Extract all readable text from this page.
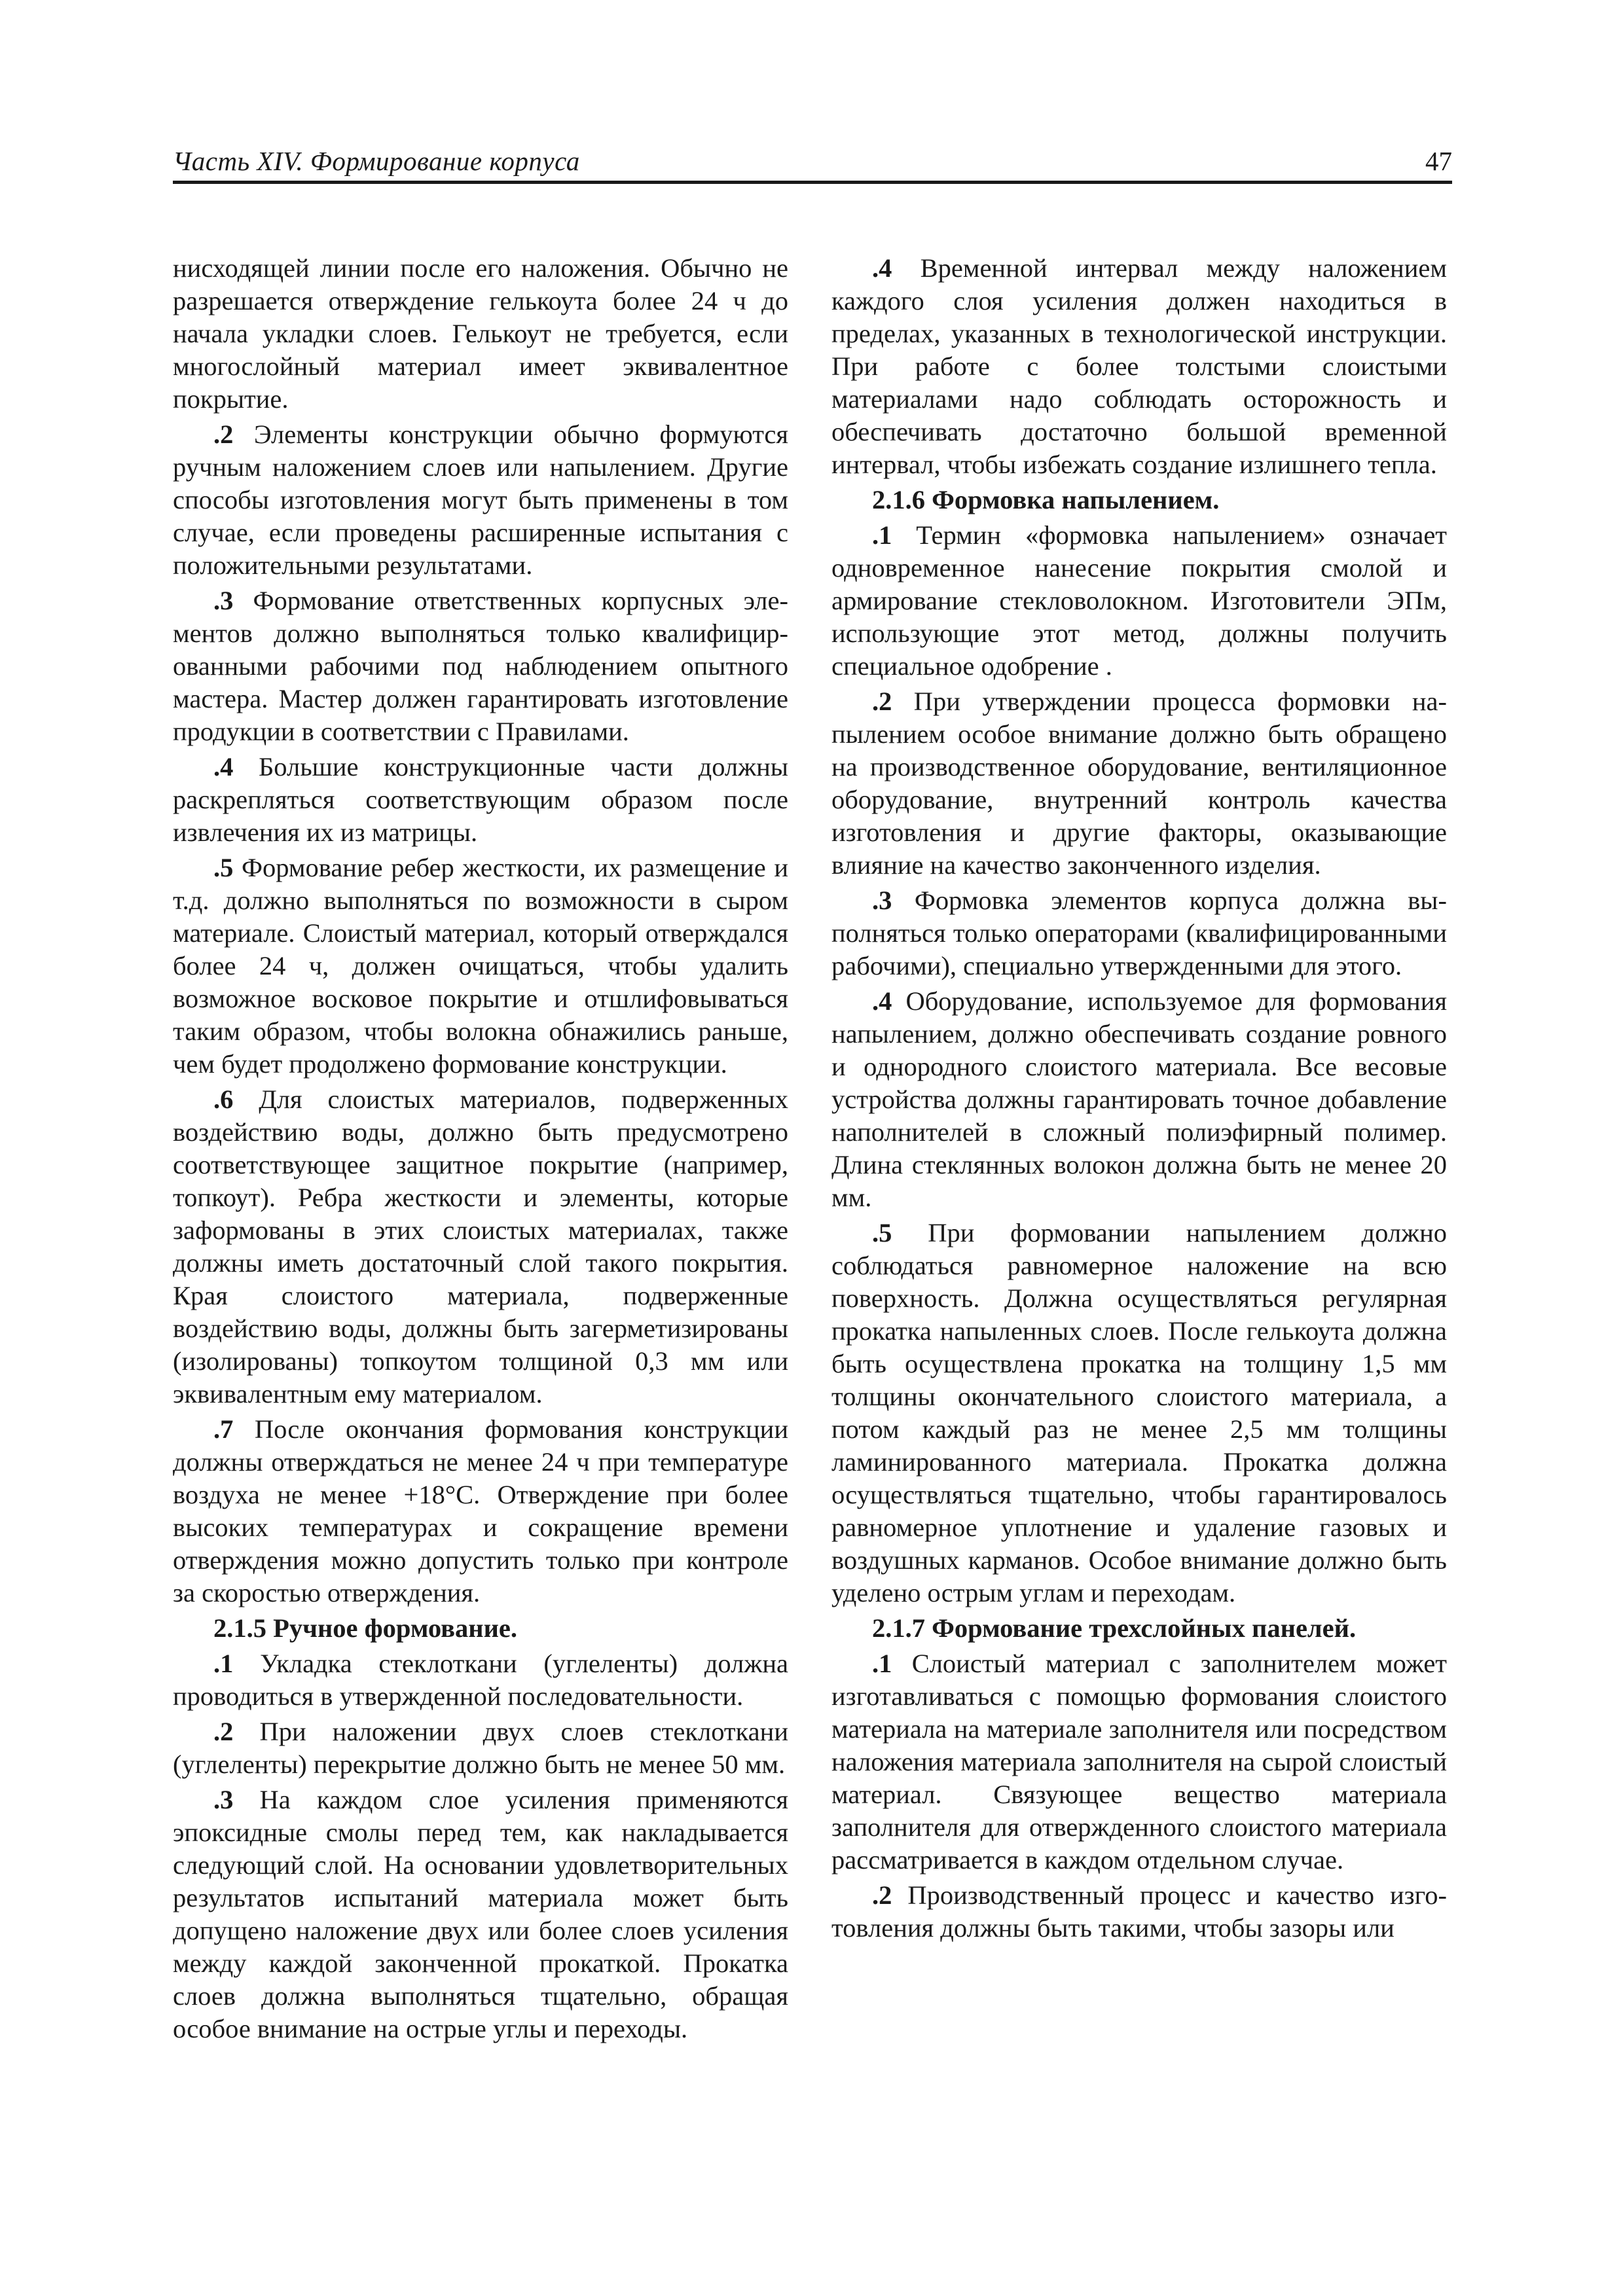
Часть XIV. Формирование корпуса	47

нисходящей линии после его наложения. Обычно не разрешается отверждение гелькоута более 24 ч до начала укладки слоев. Гелькоут не требуется, если многослойный материал имеет эквивалентное покрытие.

.2 Элементы конструкции обычно формуются ручным наложением слоев или напылением. Другие способы изготовления могут быть применены в том случае, если проведены расширенные испытания с положительными результатами.

.3 Формование ответственных корпусных элементов должно выполняться только квалифицированными рабочими под наблюдением опытного мастера. Мастер должен гарантировать изготовление продукции в соответствии с Правилами.

.4 Большие конструкционные части должны раскрепляться соответствующим образом после извлечения их из матрицы.

.5 Формование ребер жесткости, их размещение и т.д. должно выполняться по возможности в сыром материале. Слоистый материал, который отверждался более 24 ч, должен очищаться, чтобы удалить возможное восковое покрытие и отшлифовываться таким образом, чтобы волокна обнажились раньше, чем будет продолжено формование конструкции.

.6 Для слоистых материалов, подверженных воздействию воды, должно быть предусмотрено соответствующее защитное покрытие (например, топкоут). Ребра жесткости и элементы, которые заформованы в этих слоистых материалах, также должны иметь достаточный слой такого покрытия. Края слоистого материала, подверженные воздействию воды, должны быть загерметизированы (изолированы) топкоутом толщиной 0,3 мм или эквивалентным ему материалом.

.7 После окончания формования конструкции должны отверждаться не менее 24 ч при температуре воздуха не менее +18°С. Отверждение при более высоких температурах и сокращение времени отверждения можно допустить только при контроле за скоростью отверждения.

2.1.5 Ручное формование.

.1 Укладка стеклоткани (углеленты) должна проводиться в утвержденной последовательности.

.2 При наложении двух слоев стеклоткани (углеленты) перекрытие должно быть не менее 50 мм.

.3 На каждом слое усиления применяются эпоксидные смолы перед тем, как накладывается следующий слой. На основании удовлетворительных результатов испытаний материала может быть допущено наложение двух или более слоев усиления между каждой законченной прокаткой. Прокатка слоев должна выполняться тщательно, обращая особое внимание на острые углы и переходы.

.4 Временной интервал между наложением каждого слоя усиления должен находиться в пределах, указанных в технологической инструкции. При работе с более толстыми слоистыми материалами надо соблюдать осторожность и обеспечивать достаточно большой временной интервал, чтобы избежать создание излишнего тепла.

2.1.6 Формовка напылением.

.1 Термин «формовка напылением» означает одновременное нанесение покрытия смолой и армирование стекловолокном. Изготовители ЭПм, использующие этот метод, должны получить специальное одобрение .

.2 При утверждении процесса формовки напылением особое внимание должно быть обращено на производственное оборудование, вентиляционное оборудование, внутренний контроль качества изготовления и другие факторы, оказывающие влияние на качество законченного изделия.

.3 Формовка элементов корпуса должна выполняться только операторами (квалифицированными рабочими), специально утвержденными для этого.

.4 Оборудование, используемое для формования напылением, должно обеспечивать создание ровного и однородного слоистого материала. Все весовые устройства должны гарантировать точное добавление наполнителей в сложный полиэфирный полимер. Длина стеклянных волокон должна быть не менее 20 мм.

.5 При формовании напылением должно соблюдаться равномерное наложение на всю поверхность. Должна осуществляться регулярная прокатка напыленных слоев. После гелькоута должна быть осуществлена прокатка на толщину 1,5 мм толщины окончательного слоистого материала, а потом каждый раз не менее 2,5 мм толщины ламинированного материала. Прокатка должна осуществляться тщательно, чтобы гарантировалось равномерное уплотнение и удаление газовых и воздушных карманов. Особое внимание должно быть уделено острым углам и переходам.

2.1.7 Формование трехслойных панелей.

.1 Слоистый материал с заполнителем может изготавливаться с помощью формования слоистого материала на материале заполнителя или посредством наложения материала заполнителя на сырой слоистый материал. Связующее вещество материала заполнителя для отвержденного слоистого материала рассматривается в каждом отдельном случае.

.2 Производственный процесс и качество изготовления должны быть такими, чтобы зазоры или
